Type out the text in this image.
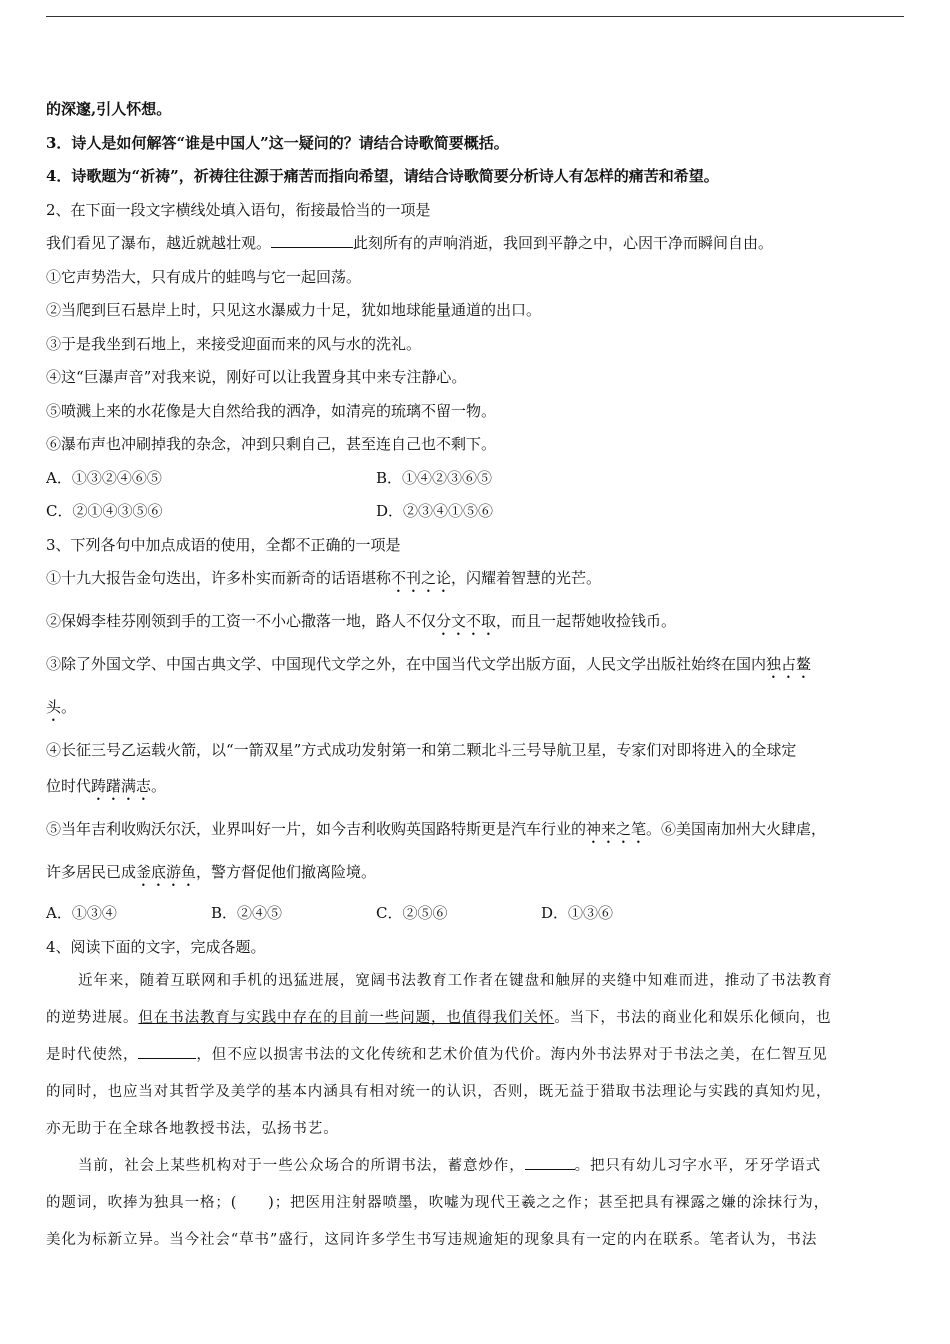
的深邃,引人怀想。

3．诗人是如何解答“谁是中国人”这一疑问的？请结合诗歌简要概括。

4．诗歌题为“祈祷”，祈祷往往源于痛苦而指向希望，请结合诗歌简要分析诗人有怎样的痛苦和希望。

2、在下面一段文字横线处填入语句，衔接最恰当的一项是

我们看见了瀑布，越近就越壮观。	此刻所有的声响消逝，我回到平静之中，心因干净而瞬间自由。

①它声势浩大，只有成片的蛙鸣与它一起回荡。

②当爬到巨石悬岸上时，只见这水瀑威力十足，犹如地球能量通道的出口。

③于是我坐到石地上，来接受迎面而来的风与水的洗礼。

④这“巨瀑声音”对我来说，刚好可以让我置身其中来专注静心。

⑤喷溅上来的水花像是大自然给我的洒净，如清亮的琉璃不留一物。

⑥瀑布声也冲刷掉我的杂念，冲到只剩自己，甚至连自己也不剩下。

A．①③②④⑥⑤	B．①④②③⑥⑤
C．②①④③⑤⑥	D．②③④①⑤⑥

3、下列各句中加点成语的使用，全都不正确的一项是

①十九大报告金句迭出，许多朴实而新奇的话语堪称不刊之论，闪耀着智慧的光芒。

②保姆李桂芬刚领到手的工资一不小心撒落一地，路人不仅分文不取，而且一起帮她收捡钱币。

③除了外国文学、中国古典文学、中国现代文学之外，在中国当代文学出版方面，人民文学出版社始终在国内独占鳌

头。

④长征三号乙运载火箭，以“一箭双星”方式成功发射第一和第二颗北斗三号导航卫星，专家们对即将进入的全球定

位时代踌躇满志。

⑤当年吉利收购沃尔沃，业界叫好一片，如今吉利收购英国路特斯更是汽车行业的神来之笔。⑥美国南加州大火肆虐，

许多居民已成釜底游鱼，警方督促他们撤离险境。

A．①③④	B．②④⑤	C．②⑤⑥	D．①③⑥

4、阅读下面的文字，完成各题。

近年来，随着互联网和手机的迅猛进展，宽阔书法教育工作者在键盘和触屏的夹缝中知难而进，推动了书法教育

的逆势进展。但在书法教育与实践中存在的目前一些问题，也值得我们关怀。当下，书法的商业化和娱乐化倾向，也

是时代使然，	，但不应以损害书法的文化传统和艺术价值为代价。海内外书法界对于书法之美，在仁智互见

的同时，也应当对其哲学及美学的基本内涵具有相对统一的认识，否则，既无益于猎取书法理论与实践的真知灼见，

亦无助于在全球各地教授书法，弘扬书艺。

当前，社会上某些机构对于一些公众场合的所谓书法，蓄意炒作，	。把只有幼儿习字水平，牙牙学语式

的题词，吹捧为独具一格；(　　)；把医用注射器喷墨，吹嘘为现代王羲之之作；甚至把具有裸露之嫌的涂抹行为，

美化为标新立异。当今社会“草书”盛行，这同许多学生书写违规逾矩的现象具有一定的内在联系。笔者认为，书法
